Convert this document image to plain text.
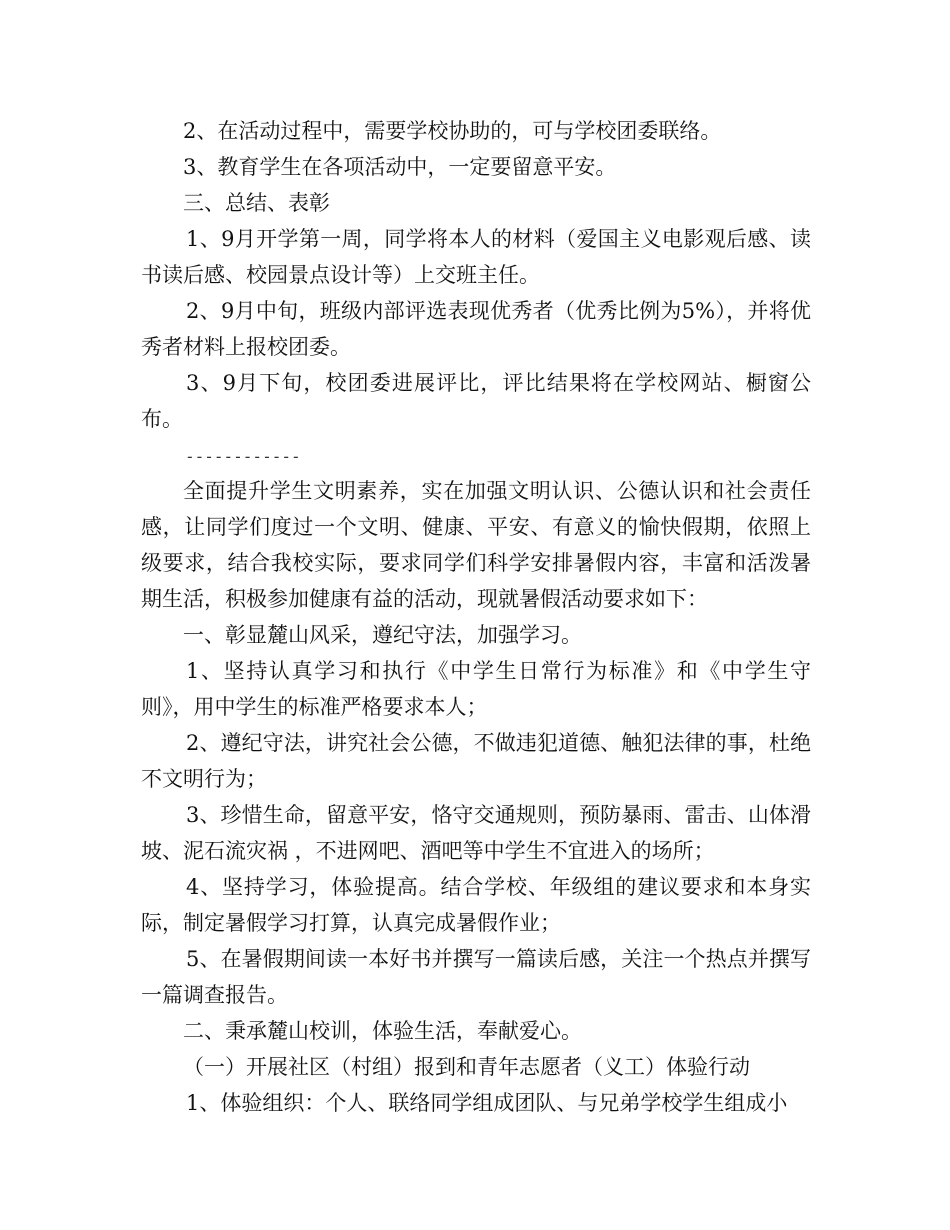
2、在活动过程中，需要学校协助的，可与学校团委联络。

3、教育学生在各项活动中，一定要留意平安。

三、总结、表彰

1、9月开学第一周，同学将本人的材料（爱国主义电影观后感、读书读后感、校园景点设计等）上交班主任。

2、9月中旬，班级内部评选表现优秀者（优秀比例为5%），并将优秀者材料上报校团委。

3、9月下旬，校团委进展评比，评比结果将在学校网站、橱窗公布。

------------

全面提升学生文明素养，实在加强文明认识、公德认识和社会责任感，让同学们度过一个文明、健康、平安、有意义的愉快假期，依照上级要求，结合我校实际，要求同学们科学安排暑假内容，丰富和活泼暑期生活，积极参加健康有益的活动，现就暑假活动要求如下：

一、彰显麓山风采，遵纪守法，加强学习。

1、坚持认真学习和执行《中学生日常行为标准》和《中学生守则》，用中学生的标准严格要求本人；

2、遵纪守法，讲究社会公德，不做违犯道德、触犯法律的事，杜绝不文明行为；

3、珍惜生命，留意平安，恪守交通规则，预防暴雨、雷击、山体滑坡、泥石流灾祸 ，不进网吧、酒吧等中学生不宜进入的场所；

4、坚持学习，体验提高。结合学校、年级组的建议要求和本身实际，制定暑假学习打算，认真完成暑假作业；

5、在暑假期间读一本好书并撰写一篇读后感，关注一个热点并撰写一篇调查报告。

二、秉承麓山校训，体验生活，奉献爱心。

（一）开展社区（村组）报到和青年志愿者（义工）体验行动

1、体验组织：个人、联络同学组成团队、与兄弟学校学生组成小
